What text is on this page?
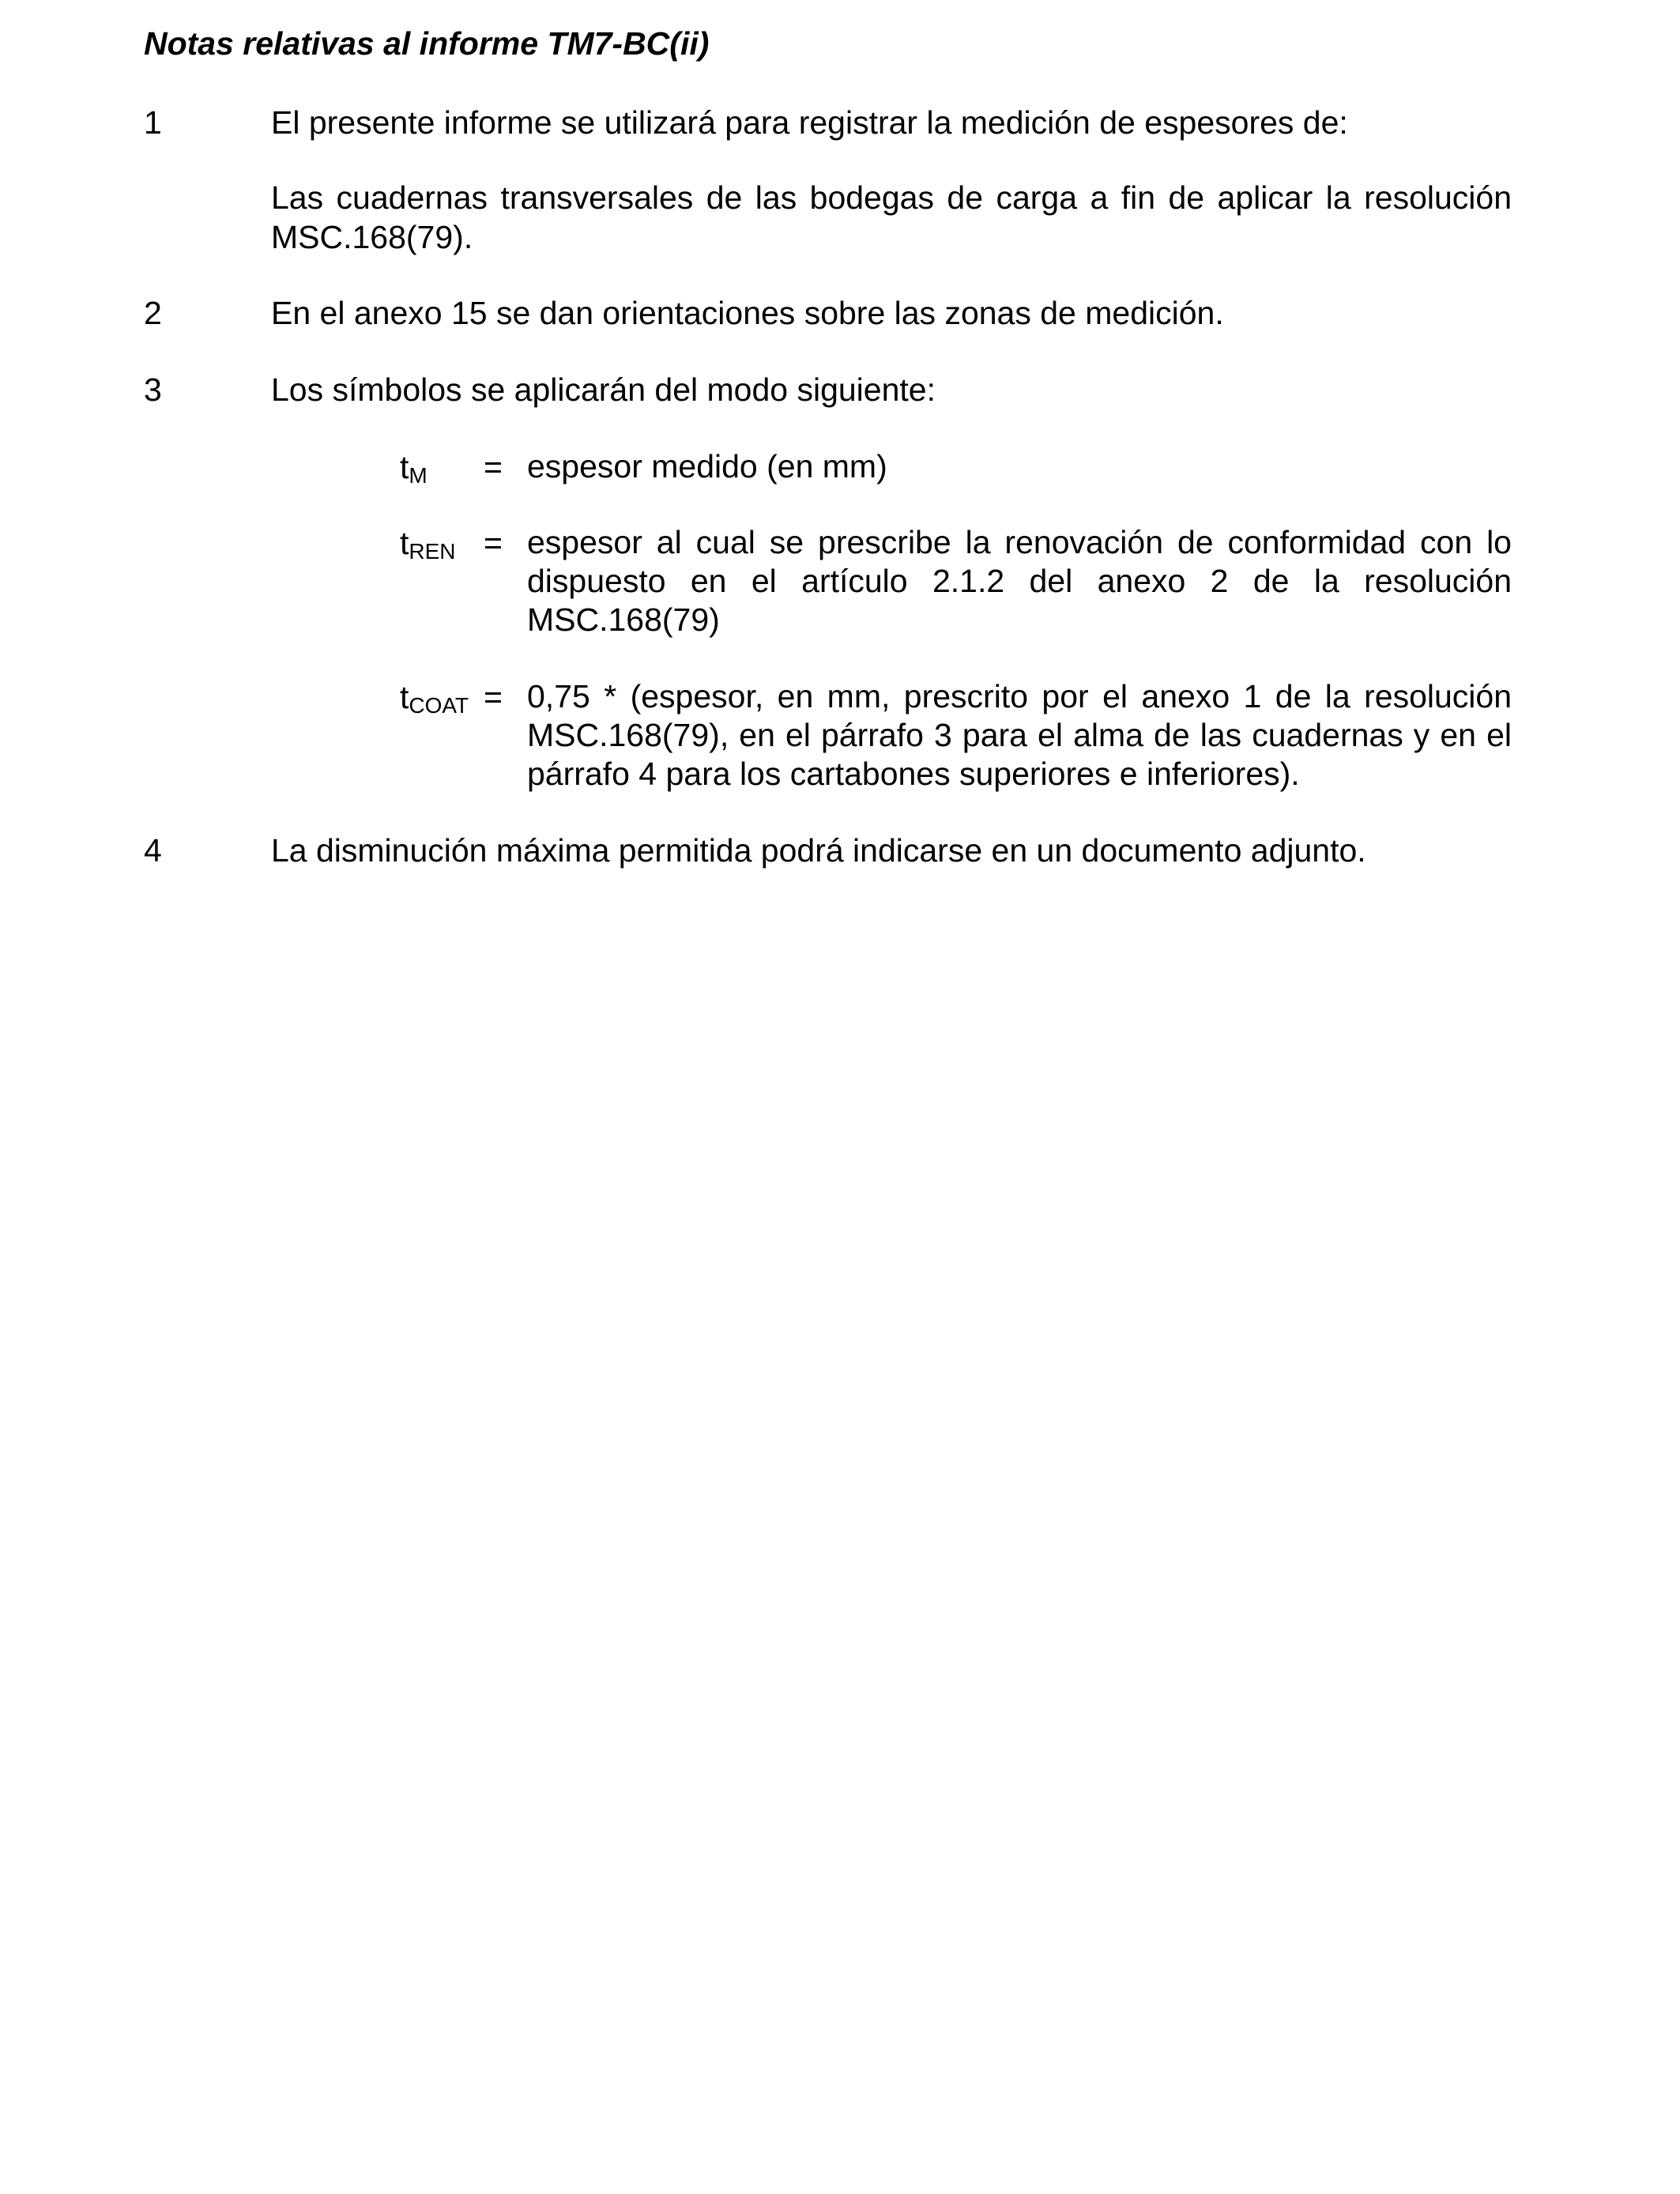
Notas relativas al informe TM7-BC(ii)
1	El presente informe se utilizará para registrar la medición de espesores de:
Las cuadernas transversales de las bodegas de carga a fin de aplicar la resolución MSC.168(79).
2	En el anexo 15 se dan orientaciones sobre las zonas de medición.
3	Los símbolos se aplicarán del modo siguiente:
tM = espesor medido (en mm)
tREN = espesor al cual se prescribe la renovación de conformidad con lo dispuesto en el artículo 2.1.2 del anexo 2 de la resolución MSC.168(79)
tCOAT = 0,75 * (espesor, en mm, prescrito por el anexo 1 de la resolución MSC.168(79), en el párrafo 3 para el alma de las cuadernas y en el párrafo 4 para los cartabones superiores e inferiores).
4	La disminución máxima permitida podrá indicarse en un documento adjunto.
